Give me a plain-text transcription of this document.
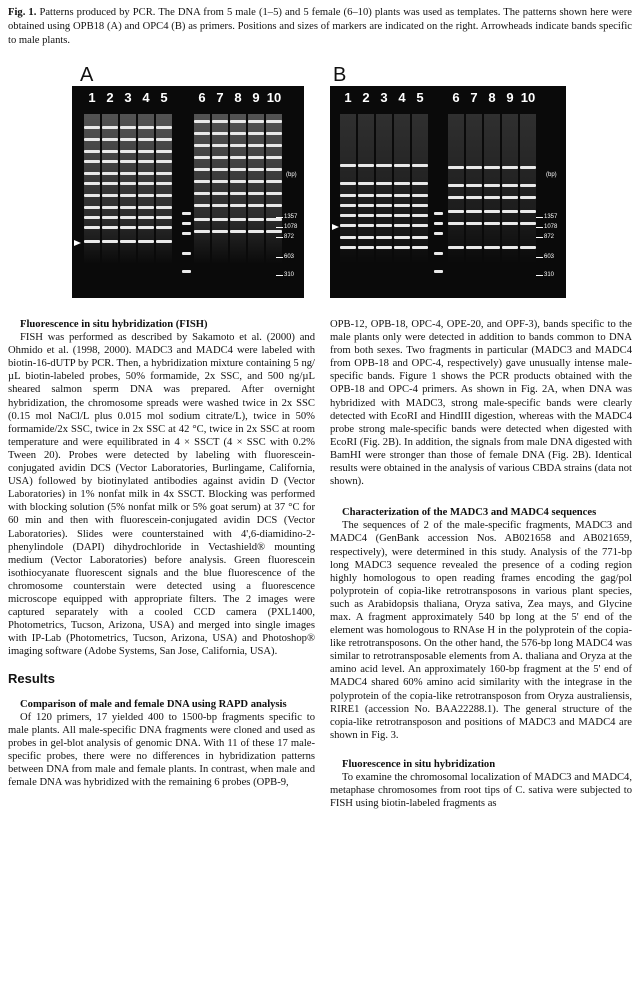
Fig. 1. Patterns produced by PCR. The DNA from 5 male (1–5) and 5 female (6–10) plants was used as templates. The patterns shown here were obtained using OPB18 (A) and OPC4 (B) as primers. Positions and sizes of markers are indicated on the right. Arrowheads indicate bands specific to male plants.
A
1 2 3 4 5 6 7 8 9 10
(bp)
1357
1078
872
603
310
B
1 2 3 4 5 6 7 8 9 10
(bp)
1357
1078
872
603
310

Fluorescence in situ hybridization (FISH)

FISH was performed as described by Sakamoto et al. (2000) and Ohmido et al. (1998, 2000). MADC3 and MADC4 were labeled with biotin-16-dUTP by PCR. Then, a hybridization mixture containing 5 ng/µL biotin-labeled probes, 50% formamide, 2x SSC, and 500 ng/µL sheared salmon sperm DNA was prepared. After overnight hybridization, the chromosome spreads were washed twice in 2x SSC (0.15 mol NaCl/L plus 0.015 mol sodium citrate/L), twice in 50% formamide/2x SSC, twice in 2x SSC at 42 °C, twice in 2x SSC at room temperature and were equilibrated in 4 × SSCT (4 × SSC with 0.2% Tween 20). Probes were detected by labeling with fluorescein-conjugated avidin DCS (Vector Laboratories, Burlingame, California, USA) followed by biotinylated antibodies against avidin D (Vector Laboratories) in 1% nonfat milk in 4x SSCT. Blocking was performed with blocking solution (5% nonfat milk or 5% goat serum) at 37 °C for 60 min and then with fluorescein-conjugated avidin DCS (Vector Laboratories). Slides were counterstained with 4',6-diamidino-2-phenylindole (DAPI) dihydrochloride in Vectashield® mounting medium (Vector Laboratories) before analysis. Green fluorescein isothiocyanate fluorescent signals and the blue fluorescence of the chromosome counterstain were detected using a fluorescence microscope equipped with appropriate filters. The 2 images were captured separately with a cooled CCD camera (PXL1400, Photometrics, Tucson, Arizona, USA) and merged into single images with IP-Lab (Photometrics, Tucson, Arizona, USA) and Photoshop® imaging software (Adobe Systems, San Jose, California, USA).

Results

Comparison of male and female DNA using RAPD analysis

Of 120 primers, 17 yielded 400 to 1500-bp fragments specific to male plants. All male-specific DNA fragments were cloned and used as probes in gel-blot analysis of genomic DNA. With 11 of these 17 male-specific probes, there were no differences in hybridization patterns between DNA from male and female plants. In contrast, when male and female DNA was hybridized with the remaining 6 probes (OPB-9,

OPB-12, OPB-18, OPC-4, OPE-20, and OPF-3), bands specific to the male plants only were detected in addition to bands common to DNA from both sexes. Two fragments in particular (MADC3 and MADC4 from OPB-18 and OPC-4, respectively) gave unusually intense male-specific bands. Figure 1 shows the PCR products obtained with the OPB-18 and OPC-4 primers. As shown in Fig. 2A, when DNA was hybridized with MADC3, strong male-specific bands were clearly detected with EcoRI and HindIII digestion, whereas with the MADC4 probe strong male-specific bands were detected when digested with EcoRI (Fig. 2B). In addition, the signals from male DNA digested with BamHI were stronger than those of female DNA (Fig. 2B). Identical results were obtained in the analysis of various CBDA strains (data not shown).

Characterization of the MADC3 and MADC4 sequences

The sequences of 2 of the male-specific fragments, MADC3 and MADC4 (GenBank accession Nos. AB021658 and AB021659, respectively), were determined in this study. Analysis of the 771-bp long MADC3 sequence revealed the presence of a coding region highly homologous to open reading frames encoding the gag/pol polyprotein of copia-like retrotransposons in various plant species, such as Arabidopsis thaliana, Oryza sativa, Zea mays, and Glycine max. A fragment approximately 540 bp long at the 5' end of the element was homologous to RNAse H in the polyprotein of the copia-like retrotransposons. On the other hand, the 576-bp long MADC4 was similar to retrotransposable elements from A. thaliana and Oryza at the amino acid level. An approximately 160-bp fragment at the 5' end of MADC4 shared 60% amino acid similarity with the integrase in the polyprotein of the copia-like retrotransposon from Oryza australiensis, RIRE1 (accession No. BAA22288.1). The general structure of the copia-like retrotransposon and positions of MADC3 and MADC4 are shown in Fig. 3.

Fluorescence in situ hybridization

To examine the chromosomal localization of MADC3 and MADC4, metaphase chromosomes from root tips of C. sativa were subjected to FISH using biotin-labeled fragments as
